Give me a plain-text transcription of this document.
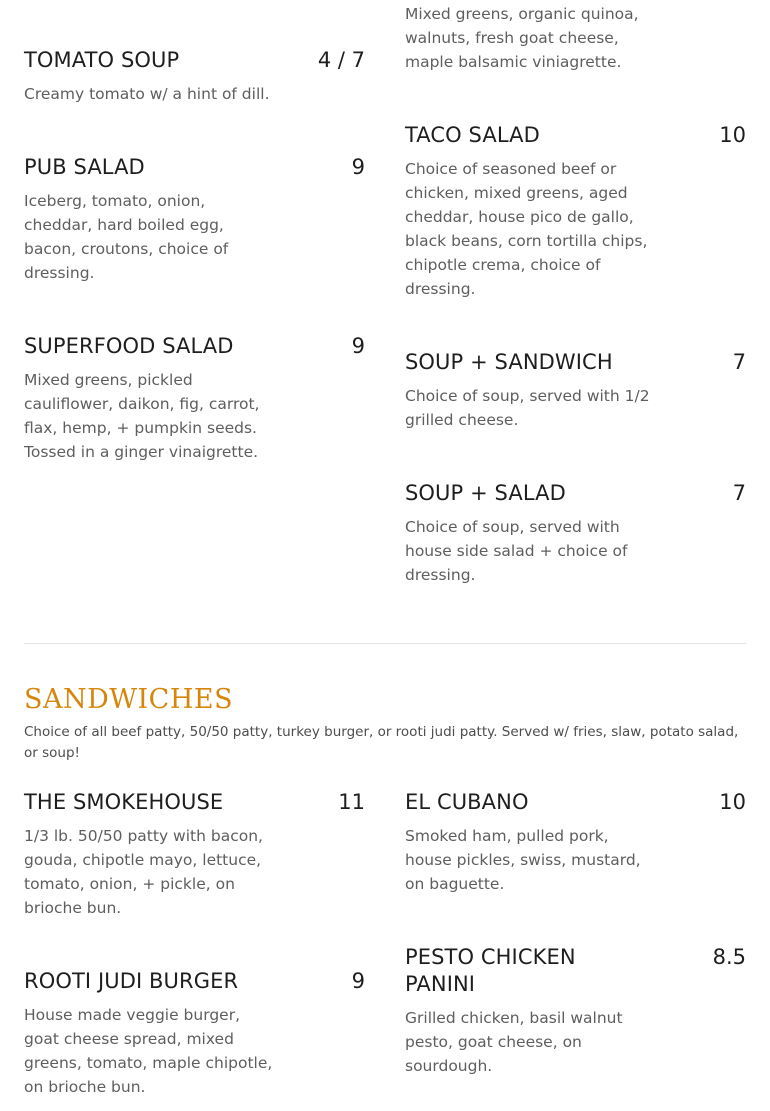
Mixed greens, organic quinoa, walnuts, fresh goat cheese, maple balsamic viniagrette.
TOMATO SOUP	4 / 7
Creamy tomato w/ a hint of dill.
PUB SALAD	9
Iceberg, tomato, onion, cheddar, hard boiled egg, bacon, croutons, choice of dressing.
SUPERFOOD SALAD	9
Mixed greens, pickled cauliflower, daikon, fig, carrot, flax, hemp, + pumpkin seeds. Tossed in a ginger vinaigrette.
TACO SALAD	10
Choice of seasoned beef or chicken, mixed greens, aged cheddar, house pico de gallo, black beans, corn tortilla chips, chipotle crema, choice of dressing.
SOUP + SANDWICH	7
Choice of soup, served with 1/2 grilled cheese.
SOUP + SALAD	7
Choice of soup, served with house side salad + choice of dressing.
SANDWICHES
Choice of all beef patty, 50/50 patty, turkey burger, or rooti judi patty. Served w/ fries, slaw, potato salad, or soup!
THE SMOKEHOUSE	11
1/3 lb. 50/50 patty with bacon, gouda, chipotle mayo, lettuce, tomato, onion, + pickle, on brioche bun.
ROOTI JUDI BURGER	9
House made veggie burger, goat cheese spread, mixed greens, tomato, maple chipotle, on brioche bun.
EL CUBANO	10
Smoked ham, pulled pork, house pickles, swiss, mustard, on baguette.
PESTO CHICKEN PANINI
8.5
Grilled chicken, basil walnut pesto, goat cheese, on sourdough.
